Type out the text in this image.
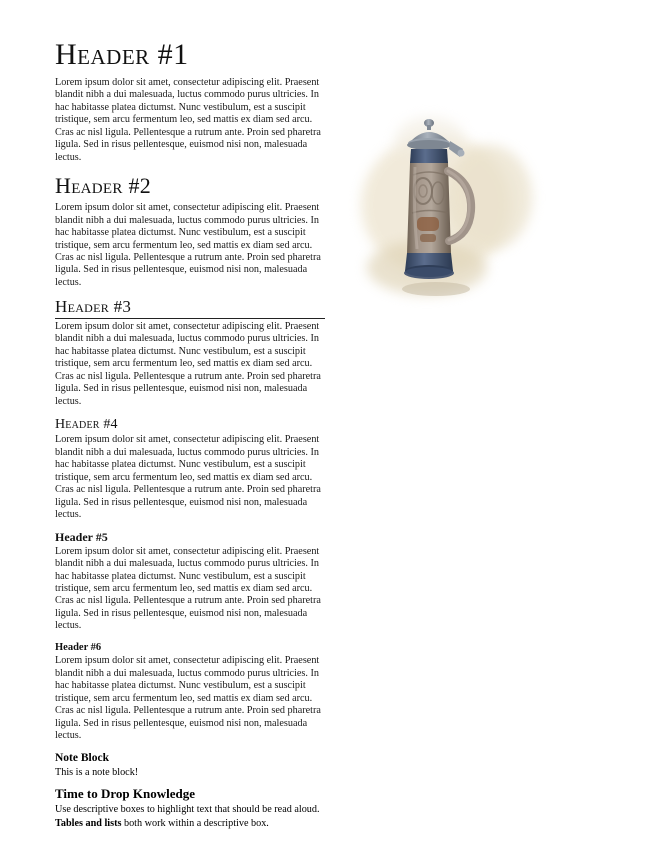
Header #1

Lorem ipsum dolor sit amet, consectetur adipiscing elit. Praesent blandit nibh a dui malesuada, luctus commodo purus ultricies. In hac habitasse platea dictumst. Nunc vestibulum, est a suscipit tristique, sem arcu fermentum leo, sed mattis ex diam sed arcu. Cras ac nisl ligula. Pellentesque a rutrum ante. Proin sed pharetra ligula. Sed in risus pellentesque, euismod nisi non, malesuada lectus.

Header #2

Lorem ipsum dolor sit amet, consectetur adipiscing elit. Praesent blandit nibh a dui malesuada, luctus commodo purus ultricies. In hac habitasse platea dictumst. Nunc vestibulum, est a suscipit tristique, sem arcu fermentum leo, sed mattis ex diam sed arcu. Cras ac nisl ligula. Pellentesque a rutrum ante. Proin sed pharetra ligula. Sed in risus pellentesque, euismod nisi non, malesuada lectus.

Header #3

Lorem ipsum dolor sit amet, consectetur adipiscing elit. Praesent blandit nibh a dui malesuada, luctus commodo purus ultricies. In hac habitasse platea dictumst. Nunc vestibulum, est a suscipit tristique, sem arcu fermentum leo, sed mattis ex diam sed arcu. Cras ac nisl ligula. Pellentesque a rutrum ante. Proin sed pharetra ligula. Sed in risus pellentesque, euismod nisi non, malesuada lectus.

Header #4

Lorem ipsum dolor sit amet, consectetur adipiscing elit. Praesent blandit nibh a dui malesuada, luctus commodo purus ultricies. In hac habitasse platea dictumst. Nunc vestibulum, est a suscipit tristique, sem arcu fermentum leo, sed mattis ex diam sed arcu. Cras ac nisl ligula. Pellentesque a rutrum ante. Proin sed pharetra ligula. Sed in risus pellentesque, euismod nisi non, malesuada lectus.

Header #5

Lorem ipsum dolor sit amet, consectetur adipiscing elit. Praesent blandit nibh a dui malesuada, luctus commodo purus ultricies. In hac habitasse platea dictumst. Nunc vestibulum, est a suscipit tristique, sem arcu fermentum leo, sed mattis ex diam sed arcu. Cras ac nisl ligula. Pellentesque a rutrum ante. Proin sed pharetra ligula. Sed in risus pellentesque, euismod nisi non, malesuada lectus.

Header #6

Lorem ipsum dolor sit amet, consectetur adipiscing elit. Praesent blandit nibh a dui malesuada, luctus commodo purus ultricies. In hac habitasse platea dictumst. Nunc vestibulum, est a suscipit tristique, sem arcu fermentum leo, sed mattis ex diam sed arcu. Cras ac nisl ligula. Pellentesque a rutrum ante. Proin sed pharetra ligula. Sed in risus pellentesque, euismod nisi non, malesuada lectus.

Note Block
This is a note block!
Time to Drop Knowledge
Use descriptive boxes to highlight text that should be read aloud.
Tables and lists both work within a descriptive box.
